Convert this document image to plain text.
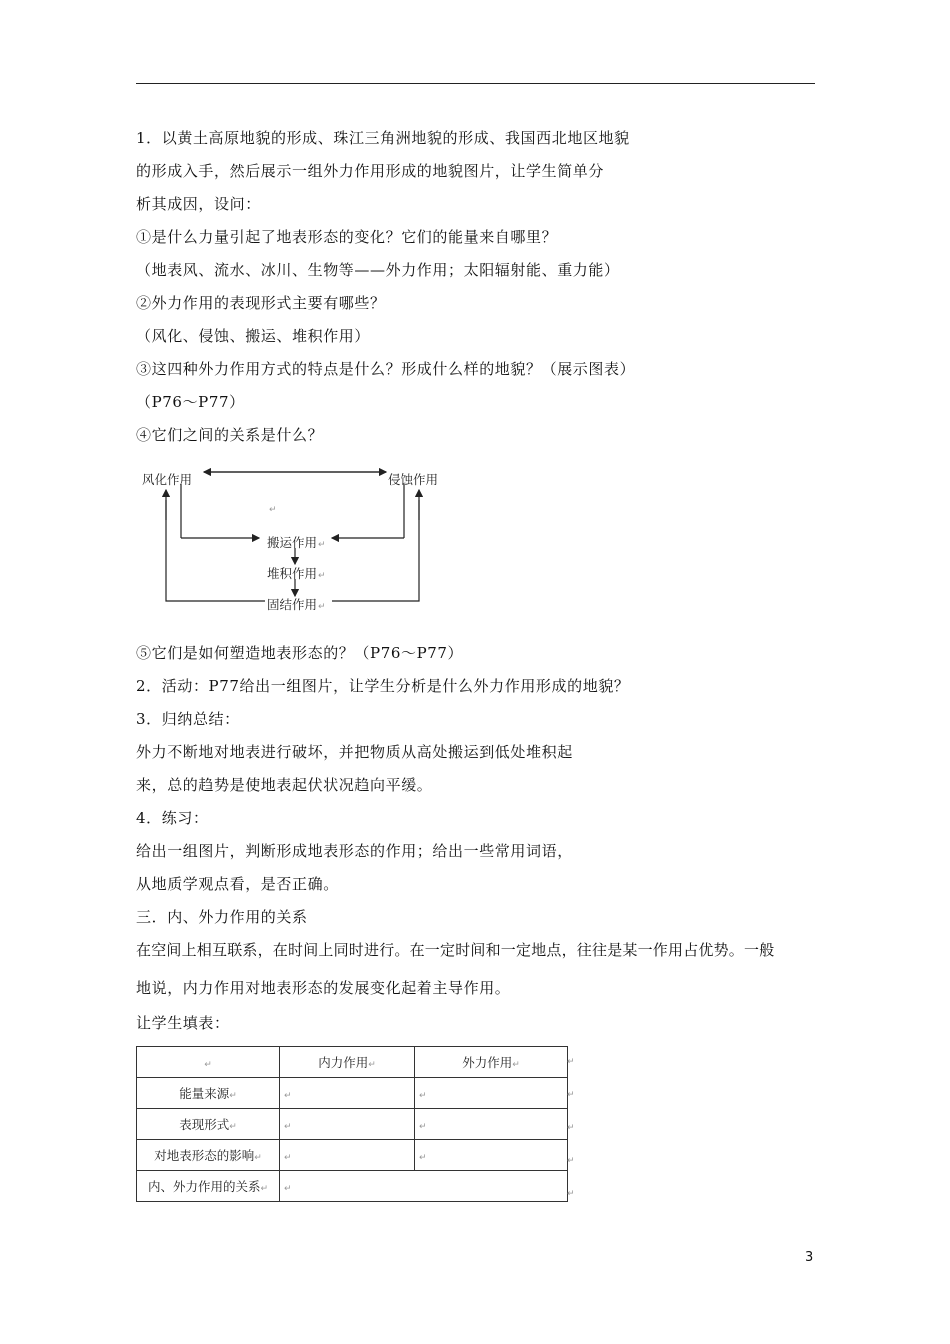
1．以黄土高原地貌的形成、珠江三角洲地貌的形成、我国西北地区地貌
的形成入手，然后展示一组外力作用形成的地貌图片，让学生简单分
析其成因，设问：
①是什么力量引起了地表形态的变化？它们的能量来自哪里？
（地表风、流水、冰川、生物等——外力作用；太阳辐射能、重力能）
②外力作用的表现形式主要有哪些？
（风化、侵蚀、搬运、堆积作用）
③这四种外力作用方式的特点是什么？形成什么样的地貌？（展示图表）
（P76～P77）
④它们之间的关系是什么？
风化作用	侵蚀作用
↵
搬运作用↵
堆积作用↵
固结作用↵
⑤它们是如何塑造地表形态的？（P76～P77）
2．活动：P77给出一组图片，让学生分析是什么外力作用形成的地貌？
3．归纳总结：
外力不断地对地表进行破坏，并把物质从高处搬运到低处堆积起
来，总的趋势是使地表起伏状况趋向平缓。
4．练习：
给出一组图片，判断形成地表形态的作用；给出一些常用词语，
从地质学观点看，是否正确。
三．内、外力作用的关系
在空间上相互联系，在时间上同时进行。在一定时间和一定地点，往往是某一作用占优势。一般
地说，内力作用对地表形态的发展变化起着主导作用。
让学生填表：
↵	内力作用↵	外力作用↵
能量来源↵	↵	↵
表现形式↵	↵	↵
对地表形态的影响↵	↵	↵
内、外力作用的关系↵	↵	
↵
↵
↵
↵
↵
3
